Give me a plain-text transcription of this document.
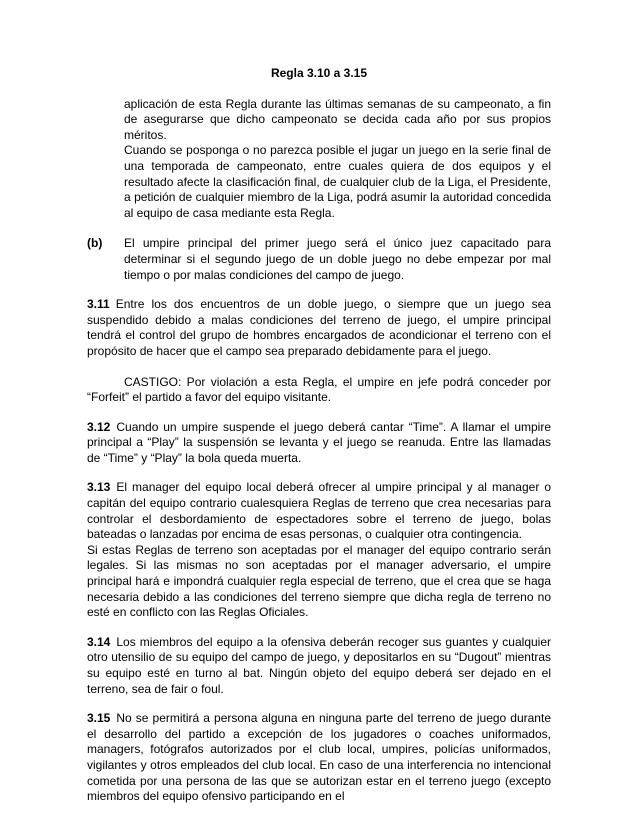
Regla 3.10 a 3.15

aplicación de esta Regla durante las últimas semanas de su campeonato, a fin de asegurarse que dicho campeonato se decida cada año por sus propios méritos.

Cuando se posponga o no parezca posible el jugar un juego en la serie final de una temporada de campeonato, entre cuales quiera de dos equipos y el resultado afecte la clasificación final, de cualquier club de la Liga, el Presidente, a petición de cualquier miembro de la Liga, podrá asumir la autoridad concedida al equipo de casa mediante esta Regla.

(b)	El umpire principal del primer juego será el único juez capacitado para determinar si el segundo juego de un doble juego no debe empezar por mal tiempo o por malas condiciones del campo de juego.

3.11 Entre los dos encuentros de un doble juego, o siempre que un juego sea suspendido debido a malas condiciones del terreno de juego, el umpire principal tendrá el control del grupo de hombres encargados de acondicionar el terreno con el propósito de hacer que el campo sea preparado debidamente para el juego.

CASTIGO: Por violación a esta Regla, el umpire en jefe podrá conceder por “Forfeit” el partido a favor del equipo visitante.

3.12 Cuando un umpire suspende el juego deberá cantar “Time”. A llamar el umpire principal a “Play” la suspensión se levanta y el juego se reanuda. Entre las llamadas de “Time” y “Play” la bola queda muerta.

3.13 El manager del equipo local deberá ofrecer al umpire principal y al manager o capitán del equipo contrario cualesquiera Reglas de terreno que crea necesarias para controlar el desbordamiento de espectadores sobre el terreno de juego, bolas bateadas o lanzadas por encima de esas personas, o cualquier otra contingencia.

Si estas Reglas de terreno son aceptadas por el manager del equipo contrario serán legales. Si las mismas no son aceptadas por el manager adversario, el umpire principal hará e impondrá cualquier regla especial de terreno, que el crea que se haga necesaria debido a las condiciones del terreno siempre que dicha regla de terreno no esté en conflicto con las Reglas Oficiales.

3.14 Los miembros del equipo a la ofensiva deberán recoger sus guantes y cualquier otro utensilio de su equipo del campo de juego, y depositarlos en su “Dugout” mientras su equipo esté en turno al bat. Ningún objeto del equipo deberá ser dejado en el terreno, sea de fair o foul.

3.15 No se permitirá a persona alguna en ninguna parte del terreno de juego durante el desarrollo del partido a excepción de los jugadores o coaches uniformados, managers, fotógrafos autorizados por el club local, umpires, policías uniformados, vigilantes y otros empleados del club local. En caso de una interferencia no intencional cometida por una persona de las que se autorizan estar en el terreno juego (excepto miembros del equipo ofensivo participando en el
